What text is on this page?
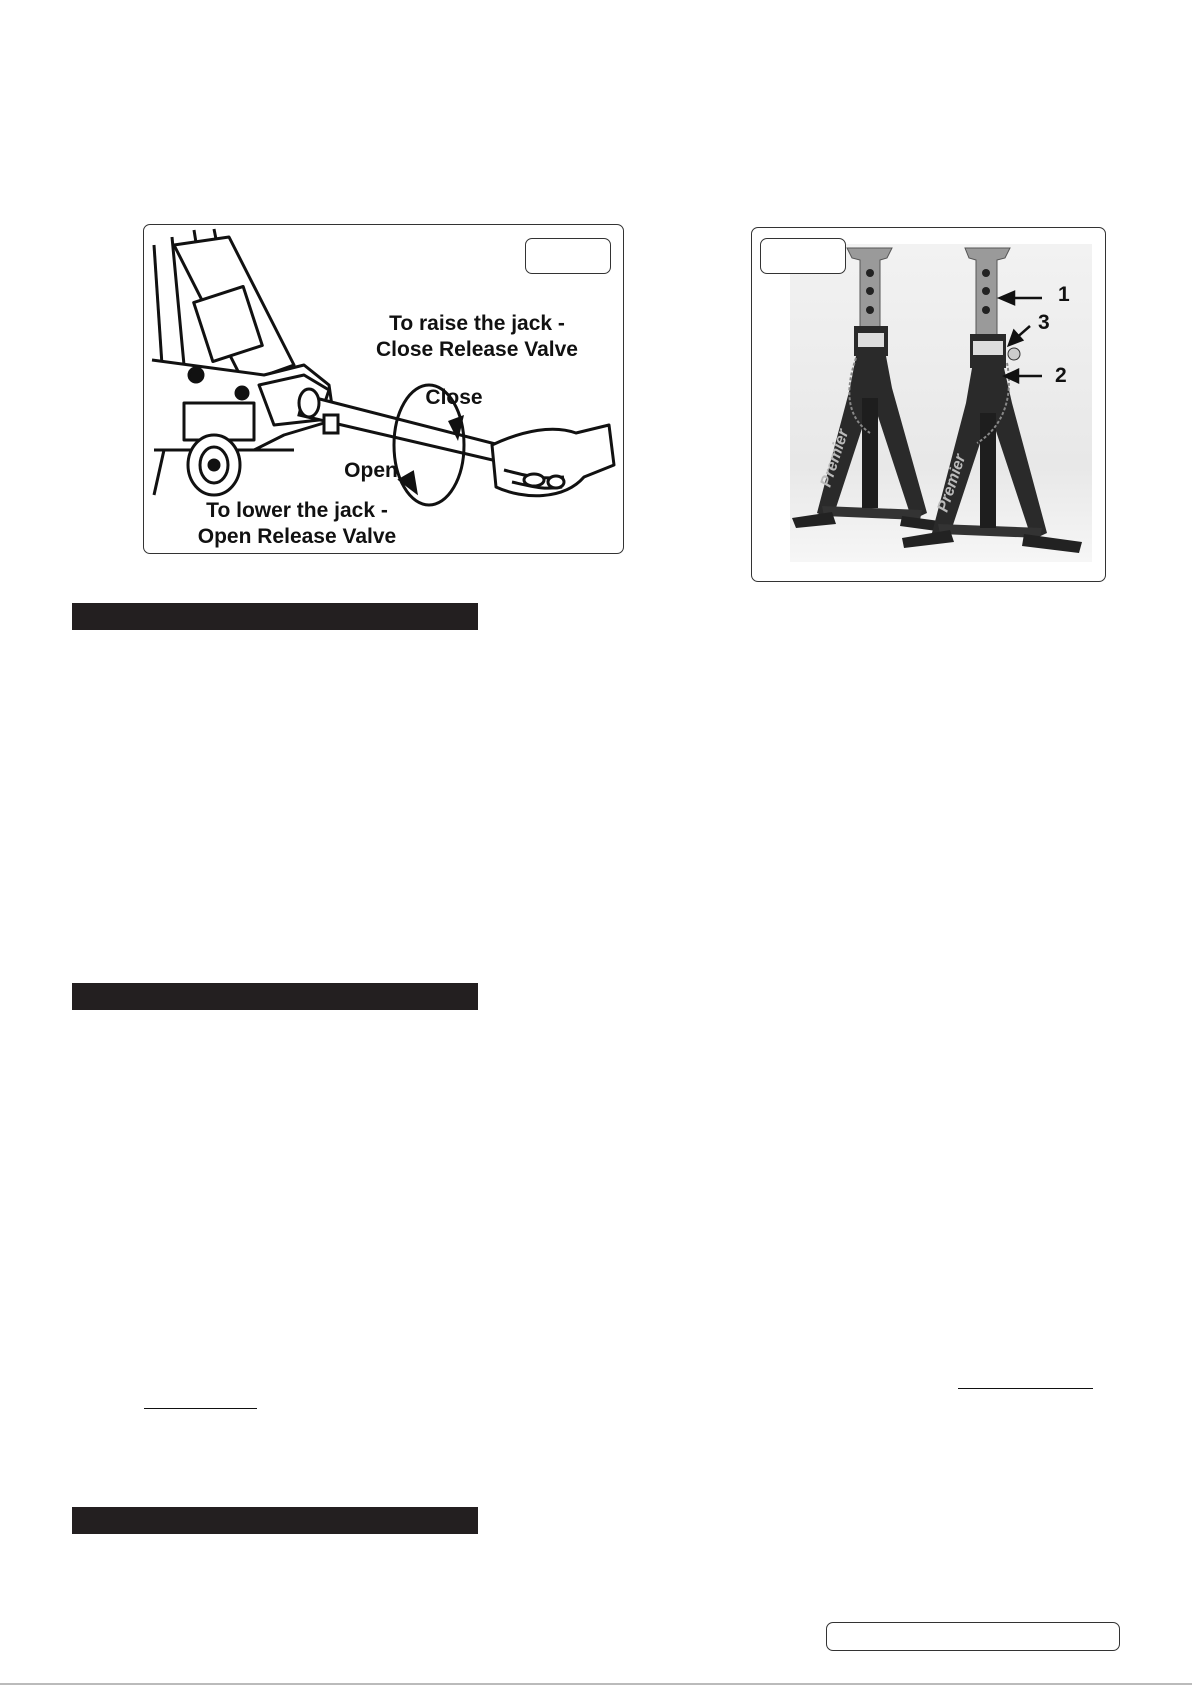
To raise the jack -
Close Release Valve
Close
Open
To lower the jack -
Open Release Valve
Premier	Premier
1
3
2
